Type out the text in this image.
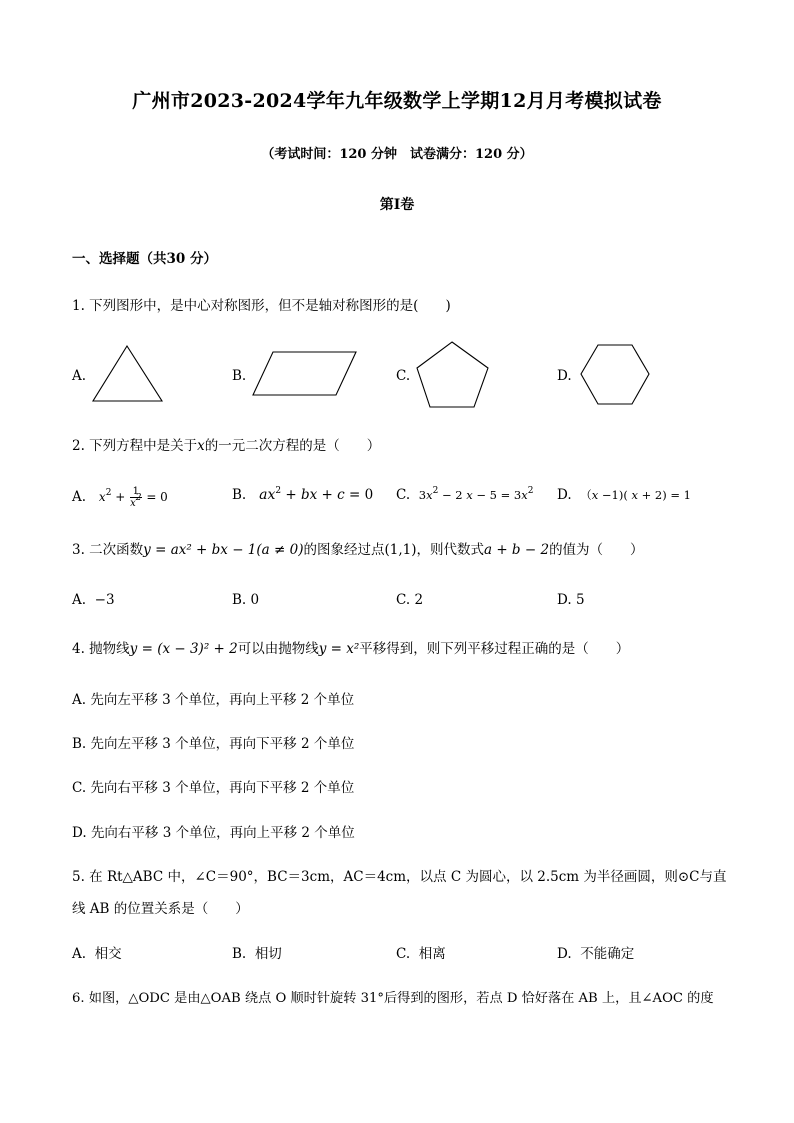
广州市2023-2024学年九年级数学上学期12月月考模拟试卷
（考试时间：120 分钟　试卷满分：120 分）
第Ⅰ卷
一、选择题（共30 分）
1. 下列图形中，是中心对称图形，但不是轴对称图形的是(　　)
A.	B.	C.	D.
2. 下列方程中是关于x的一元二次方程的是（　　）
A. $x^2 + \frac{1}{x^2} = 0$	B. $ax^2$ + bx + c = 0 C. $3x^2 - 2$ $x - 5 = 3x^2$ D. （x −1)( x + 2) = 1
3. 二次函数y = ax² + bx − 1(a ≠ 0)的图象经过点(1,1)，则代数式a + b − 2的值为（　　）
A. −3	B. 0	C. 2	D. 5
4. 抛物线y = (x − 3)² + 2可以由抛物线y = x²平移得到，则下列平移过程正确的是（　　）
A. 先向左平移 3 个单位，再向上平移 2 个单位
B. 先向左平移 3 个单位，再向下平移 2 个单位
C. 先向右平移 3 个单位，再向下平移 2 个单位
D. 先向右平移 3 个单位，再向上平移 2 个单位
5. 在 Rt△ABC 中，∠C＝90°，BC＝3cm，AC＝4cm，以点 C 为圆心，以 2.5cm 为半径画圆，则⊙C与直
线 AB 的位置关系是（　　）
A. 相交	B. 相切	C. 相离	D. 不能确定
6. 如图，△ODC 是由△OAB 绕点 O 顺时针旋转 31°后得到的图形，若点 D 恰好落在 AB 上，且∠AOC 的度
